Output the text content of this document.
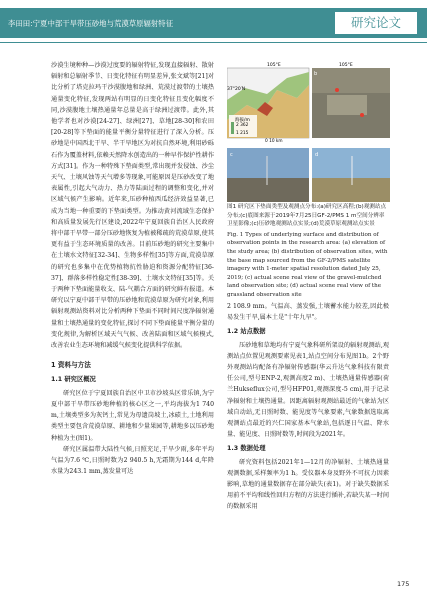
李田田:宁夏中部干旱带压砂地与荒漠草原辐射特征	研究论文

沙漠生境种种—沙漠过度要的辐射特征,发现直接辐射、散射辐射和总辐射季节、日变化特征有明显差异,张文斌等[21]对比分析了塔克拉玛干沙漠腹地和绿洲、荒漠过渡带的土壤热通量变化特征,发现两站有明显的日变化特征且变化幅度不同,沙漠腹地土壤热通量年总量是高于绿洲过渡带。此外,其他学者也对沙漠[24-27]、绿洲[27]、草地[28-30]和农田[20-28]等下垫面的能量平衡分量特征进行了深入分析。压砂地是中国西北干旱、半干旱地区为对抗自然环境,利用砂砾石作为覆盖材料,依赖天然降水创造出的一种早作保护性耕作方式[31]。作为一种特殊下垫面类型,常出现并发侵蚀、沙尘天气、土壤风蚀等天气增多等现象,可能原因是压砂改变了地表属性,引起大气动力、热力等陆面过程的调整和变化,并对区域气候产生影响。近年来,压砂种植西瓜经济效益显著,已成为当地一种重要的下垫面类型。为推动黄河流域生态保护和高质量发展先行区建设,2022年宁夏回族自治区人民政府将中部干旱带一部分压砂地恢复为植被稀疏的荒漠草原,使其更有益于生态环境质量的改善。目前压砂地的研究主要集中在土壤水文特征[32-34]、生物多样性[35]等方面,荒漠草原的研究也多集中在优势植物抗性胁迫和资源分配特征[36-37]、群落多样性稳定性[38-39]、土壤水文特征[35]等。关于两种下垫面能量收支、陆-气耦合方面的研究鲜有报道。本研究以宁夏中部干旱带的压砂地和荒漠草原为研究对象,利用辐射观测站资料对比分析两种下垫面不同时间尺度净辐射通量和土壤热通量的变化特征,探讨不同下垫面能量平衡分量的变化规律,为解析区域天气气候、改善陆面和区域气候模式,改善农业生态环境和减缓气候变化提供科学依据。

1 资料与方法
1.1 研究区概况

研究区位于宁夏回族自治区中卫市沙坡头区常乐镇,为宁夏中部干旱带压砂地种植的核心区之一,平均海拔为1 740 m,土壤类型多为灰钙土,常见为母遗岗坡土,冰碛土,土地利用类型主要包含荒漠草原、耕地和少量果园等,耕地多以压砂地种植为主(图1)。

研究区属温带大陆性气候,日照充足,干旱少雨,多年平均气温为7.6 ℃,日照时数为2 940.5 h,无霜期为144 d,年降水量为243.1 mm,蒸发量可达

海拔/m
2 362
1 215
105°E
37°20′N
0 10 km
105°E
b
c	d
图1 研究区下垫面类型及观测点分布:(a)研究区高程;(b)观测站点分布;(c)底图来源于2019年7月25日GF-2/PMS 1 m空间分辨率卫星影像;(c)压砂地观测站点实景;(d)荒漠草原观测站点实景
Fig. 1 Types of underlying surface and distribution of observation points in the research area: (a) elevation of the study area; (b) distribution of observation sites, with the base map sourced from the GF-2/PMS satellite imagery with 1-meter spatial resolution dated July 25, 2019; (c) actual scene real view of the gravel-mulched land observation site; (d) actual scene real view of the grassland observation site

2 108.9 mm。气温高、蒸发强,土壤蓄水能力较差,因此极易发生干旱,属本土是"十年九旱"。

1.2 站点数据

压砂地和草地均有宁夏气象科研所架设的辐射观测站,观测站点位置见观测要素见表1,站点空间分布见图1b。2个野外观测站均配备有净辐射传感器(华云升达气象科技有限责任公司,型号ENP-2,观测高度2 m)、土壤热通量传感器(荷兰Hukseflux公司,型号HFP01,观测深度-5 cm),用于记录净辐射和土壤热通量。因距离辐射观测站最近的气象站为区域自动站,无日照时数、能见度等气象要素,气象数据选取离观测站点最近的兴仁国家基本气象站,包括逐日气温、降水量、能见度、日照时数等,时间段为2021年。

1.3 数据处理

研究资料包括2021年1—12月的净辐射、土壤热通量观测数据,采样频率为1 h。受仪器本身及野外不可抗力因素影响,草地的通量数据存在部分缺失(表1)。对于缺失数据采用前不平均和线性回归方程的方法进行插补,若缺失某一时间的数据采用

175
